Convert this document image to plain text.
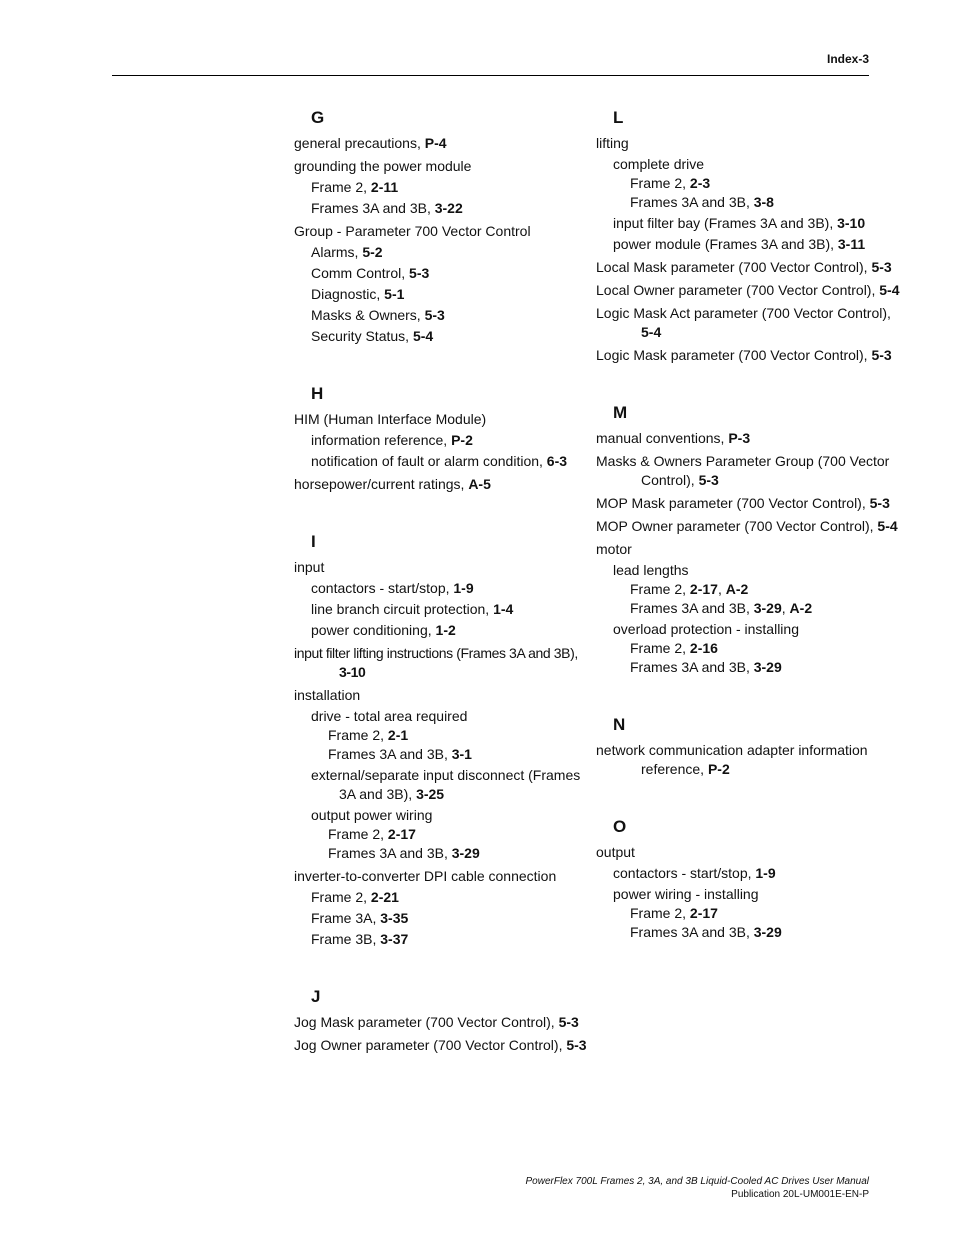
Index-3
G
general precautions, P-4
grounding the power module
Frame 2, 2-11
Frames 3A and 3B, 3-22
Group - Parameter 700 Vector Control
Alarms, 5-2
Comm Control, 5-3
Diagnostic, 5-1
Masks & Owners, 5-3
Security Status, 5-4
H
HIM (Human Interface Module)
information reference, P-2
notification of fault or alarm condition, 6-3
horsepower/current ratings, A-5
I
input
contactors - start/stop, 1-9
line branch circuit protection, 1-4
power conditioning, 1-2
input filter lifting instructions (Frames 3A and 3B),
3-10
installation
drive - total area required
Frame 2, 2-1
Frames 3A and 3B, 3-1
external/separate input disconnect (Frames
3A and 3B), 3-25
output power wiring
Frame 2, 2-17
Frames 3A and 3B, 3-29
inverter-to-converter DPI cable connection
Frame 2, 2-21
Frame 3A, 3-35
Frame 3B, 3-37
J
Jog Mask parameter (700 Vector Control), 5-3
Jog Owner parameter (700 Vector Control), 5-3
L
lifting
complete drive
Frame 2, 2-3
Frames 3A and 3B, 3-8
input filter bay (Frames 3A and 3B), 3-10
power module (Frames 3A and 3B), 3-11
Local Mask parameter (700 Vector Control), 5-3
Local Owner parameter (700 Vector Control), 5-4
Logic Mask Act parameter (700 Vector Control),
5-4
Logic Mask parameter (700 Vector Control), 5-3
M
manual conventions, P-3
Masks & Owners Parameter Group (700 Vector
Control), 5-3
MOP Mask parameter (700 Vector Control), 5-3
MOP Owner parameter (700 Vector Control), 5-4
motor
lead lengths
Frame 2, 2-17, A-2
Frames 3A and 3B, 3-29, A-2
overload protection - installing
Frame 2, 2-16
Frames 3A and 3B, 3-29
N
network communication adapter information
reference, P-2
O
output
contactors - start/stop, 1-9
power wiring - installing
Frame 2, 2-17
Frames 3A and 3B, 3-29
PowerFlex 700L Frames 2, 3A, and 3B Liquid-Cooled AC Drives User Manual
Publication 20L-UM001E-EN-P
